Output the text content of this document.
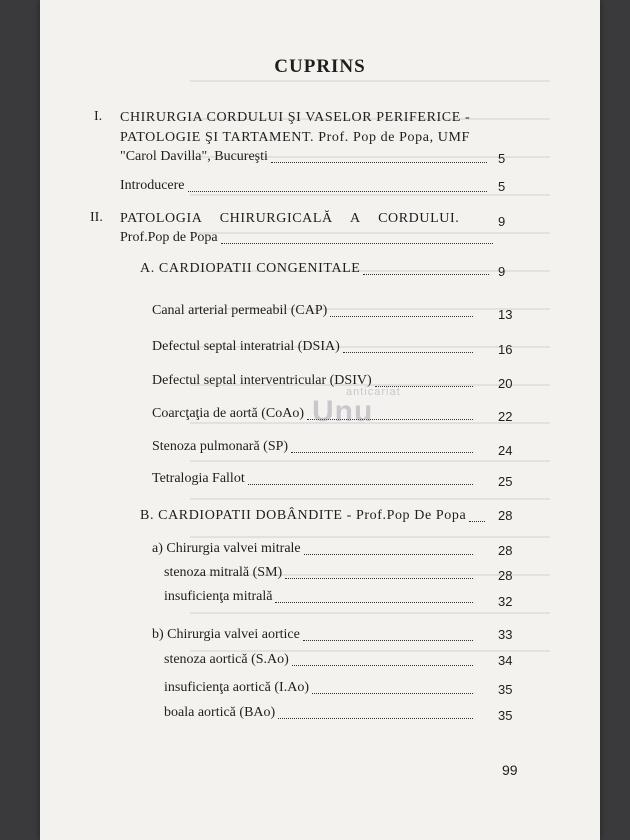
CUPRINS
I. CHIRURGIA CORDULUI ŞI VASELOR PERIFERICE -
PATOLOGIE ŞI TARTAMENT. Prof. Pop de Popa, UMF
"Carol Davilla", Bucureşti	5
Introducere	5
II. PATOLOGIA CHIRURGICALĂ A CORDULUI.	9
Prof.Pop de Popa
A. CARDIOPATII CONGENITALE	9
Canal arterial permeabil (CAP)	13
Defectul septal interatrial (DSIA)	16
Defectul septal interventricular (DSIV)	20
Coarcţaţia de aortă (CoAo)	22
Stenoza pulmonară (SP)	24
Tetralogia Fallot	25
B. CARDIOPATII DOBÂNDITE - Prof.Pop De Popa 28
a) Chirurgia valvei mitrale	28
stenoza mitrală (SM)	28
insuficienţa mitrală	32
b) Chirurgia valvei aortice	33
stenoza aortică (S.Ao)	34
insuficienţa aortică (I.Ao)	35
boala aortică (BAo)	35
anticariat
Unu
99
